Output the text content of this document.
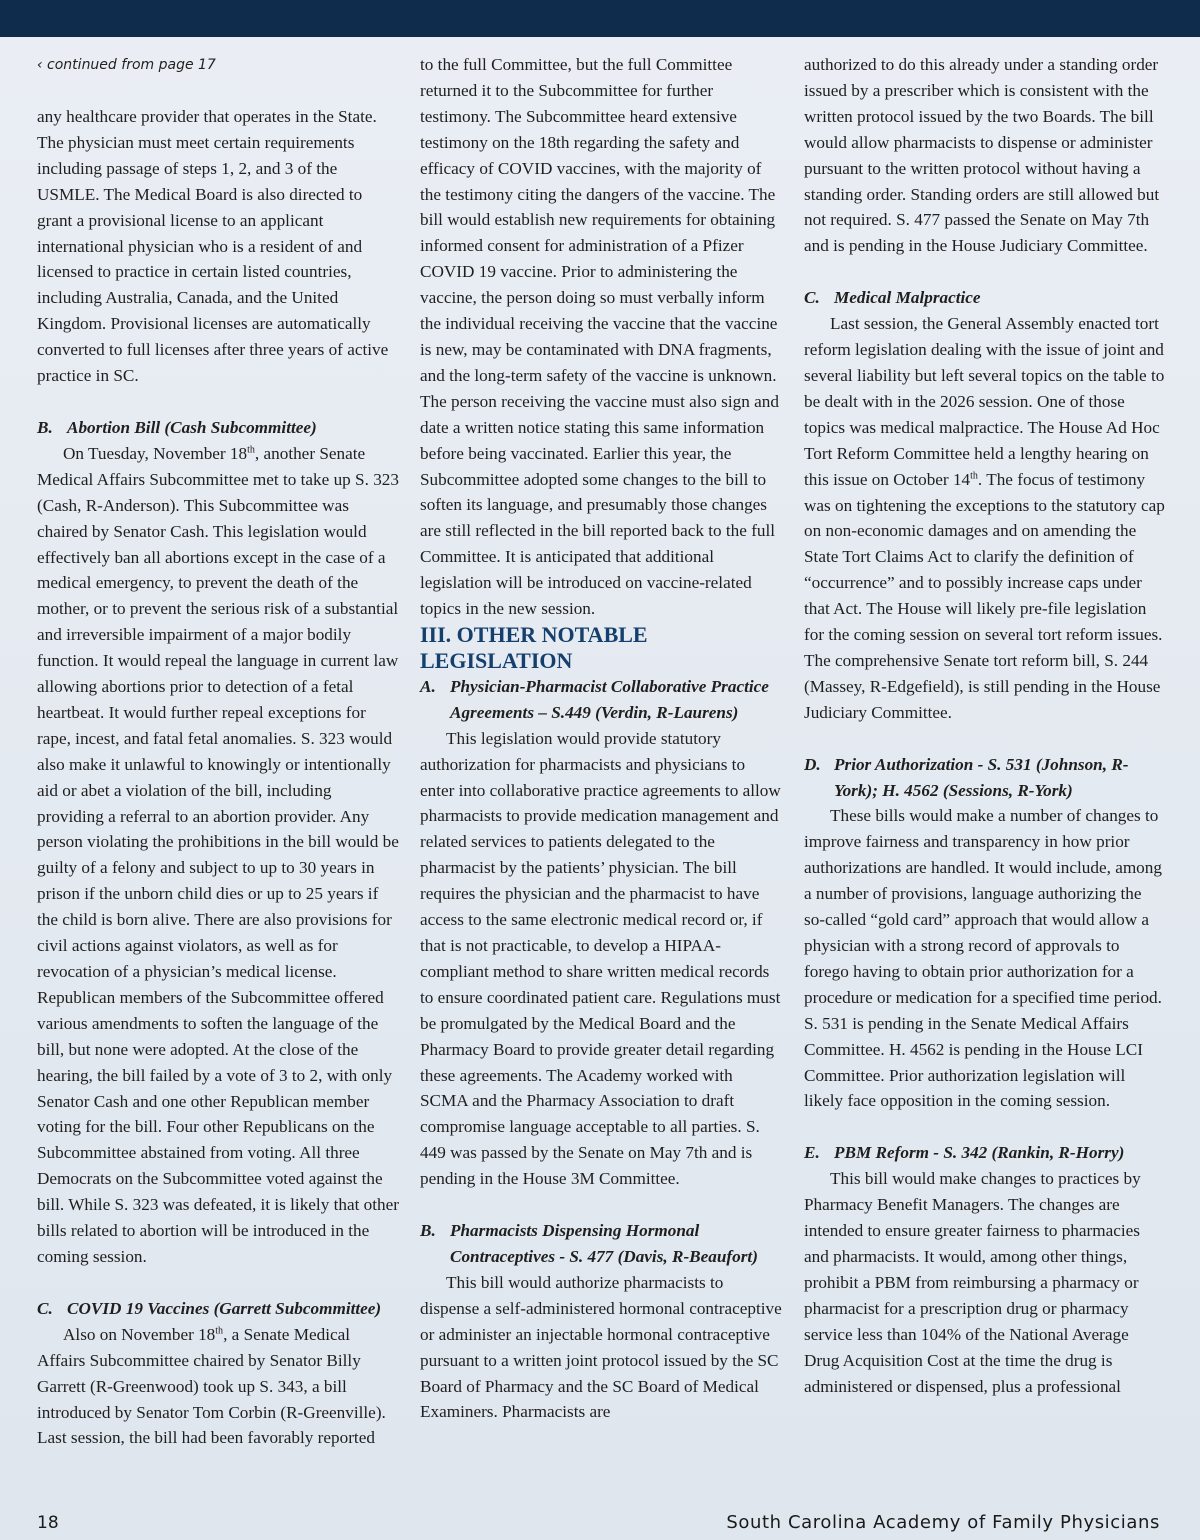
‹ continued from page 17

any healthcare provider that operates in the State. The physician must meet certain requirements including passage of steps 1, 2, and 3 of the USMLE. The Medical Board is also directed to grant a provisional license to an applicant international physician who is a resident of and licensed to practice in certain listed countries, including Australia, Canada, and the United Kingdom. Provisional licenses are automatically converted to full licenses after three years of active practice in SC.

B. Abortion Bill (Cash Subcommittee)

On Tuesday, November 18th, another Senate Medical Affairs Subcommittee met to take up S. 323 (Cash, R-Anderson). This Subcommittee was chaired by Senator Cash. This legislation would effectively ban all abortions except in the case of a medical emergency, to prevent the death of the mother, or to prevent the serious risk of a substantial and irreversible impairment of a major bodily function. It would repeal the language in current law allowing abortions prior to detection of a fetal heartbeat. It would further repeal exceptions for rape, incest, and fatal fetal anomalies. S. 323 would also make it unlawful to knowingly or intentionally aid or abet a violation of the bill, including providing a referral to an abortion provider. Any person violating the prohibitions in the bill would be guilty of a felony and subject to up to 30 years in prison if the unborn child dies or up to 25 years if the child is born alive. There are also provisions for civil actions against violators, as well as for revocation of a physician’s medical license. Republican members of the Subcommittee offered various amendments to soften the language of the bill, but none were adopted. At the close of the hearing, the bill failed by a vote of 3 to 2, with only Senator Cash and one other Republican member voting for the bill. Four other Republicans on the Subcommittee abstained from voting. All three Democrats on the Subcommittee voted against the bill. While S. 323 was defeated, it is likely that other bills related to abortion will be introduced in the coming session.

C. COVID 19 Vaccines (Garrett Subcommittee)

Also on November 18th, a Senate Medical Affairs Subcommittee chaired by Senator Billy Garrett (R-Greenwood) took up S. 343, a bill introduced by Senator Tom Corbin (R-Greenville). Last session, the bill had been favorably reported

to the full Committee, but the full Committee returned it to the Subcommittee for further testimony. The Subcommittee heard extensive testimony on the 18th regarding the safety and efficacy of COVID vaccines, with the majority of the testimony citing the dangers of the vaccine. The bill would establish new requirements for obtaining informed consent for administration of a Pfizer COVID 19 vaccine. Prior to administering the vaccine, the person doing so must verbally inform the individual receiving the vaccine that the vaccine is new, may be contaminated with DNA fragments, and the long-term safety of the vaccine is unknown. The person receiving the vaccine must also sign and date a written notice stating this same information before being vaccinated. Earlier this year, the Subcommittee adopted some changes to the bill to soften its language, and presumably those changes are still reflected in the bill reported back to the full Committee. It is anticipated that additional legislation will be introduced on vaccine-related topics in the new session.

III. OTHER NOTABLE LEGISLATION

A. Physician-Pharmacist Collaborative Practice Agreements – S.449 (Verdin, R-Laurens)

This legislation would provide statutory authorization for pharmacists and physicians to enter into collaborative practice agreements to allow pharmacists to provide medication management and related services to patients delegated to the pharmacist by the patients’ physician. The bill requires the physician and the pharmacist to have access to the same electronic medical record or, if that is not practicable, to develop a HIPAA-compliant method to share written medical records to ensure coordinated patient care. Regulations must be promulgated by the Medical Board and the Pharmacy Board to provide greater detail regarding these agreements. The Academy worked with SCMA and the Pharmacy Association to draft compromise language acceptable to all parties. S. 449 was passed by the Senate on May 7th and is pending in the House 3M Committee.

B. Pharmacists Dispensing Hormonal Contraceptives - S. 477 (Davis, R-Beaufort)

This bill would authorize pharmacists to dispense a self-administered hormonal contraceptive or administer an injectable hormonal contraceptive pursuant to a written joint protocol issued by the SC Board of Pharmacy and the SC Board of Medical Examiners. Pharmacists are

authorized to do this already under a standing order issued by a prescriber which is consistent with the written protocol issued by the two Boards. The bill would allow pharmacists to dispense or administer pursuant to the written protocol without having a standing order. Standing orders are still allowed but not required. S. 477 passed the Senate on May 7th and is pending in the House Judiciary Committee.

C. Medical Malpractice

Last session, the General Assembly enacted tort reform legislation dealing with the issue of joint and several liability but left several topics on the table to be dealt with in the 2026 session. One of those topics was medical malpractice. The House Ad Hoc Tort Reform Committee held a lengthy hearing on this issue on October 14th. The focus of testimony was on tightening the exceptions to the statutory cap on non-economic damages and on amending the State Tort Claims Act to clarify the definition of “occurrence” and to possibly increase caps under that Act. The House will likely pre-file legislation for the coming session on several tort reform issues. The comprehensive Senate tort reform bill, S. 244 (Massey, R-Edgefield), is still pending in the House Judiciary Committee.

D. Prior Authorization - S. 531 (Johnson, R-York); H. 4562 (Sessions, R-York)

These bills would make a number of changes to improve fairness and transparency in how prior authorizations are handled. It would include, among a number of provisions, language authorizing the so-called “gold card” approach that would allow a physician with a strong record of approvals to forego having to obtain prior authorization for a procedure or medication for a specified time period. S. 531 is pending in the Senate Medical Affairs Committee. H. 4562 is pending in the House LCI Committee. Prior authorization legislation will likely face opposition in the coming session.

E. PBM Reform - S. 342 (Rankin, R-Horry)

This bill would make changes to practices by Pharmacy Benefit Managers. The changes are intended to ensure greater fairness to pharmacies and pharmacists. It would, among other things, prohibit a PBM from reimbursing a pharmacy or pharmacist for a prescription drug or pharmacy service less than 104% of the National Average Drug Acquisition Cost at the time the drug is administered or dispensed, plus a professional

18	South Carolina Academy of Family Physicians
